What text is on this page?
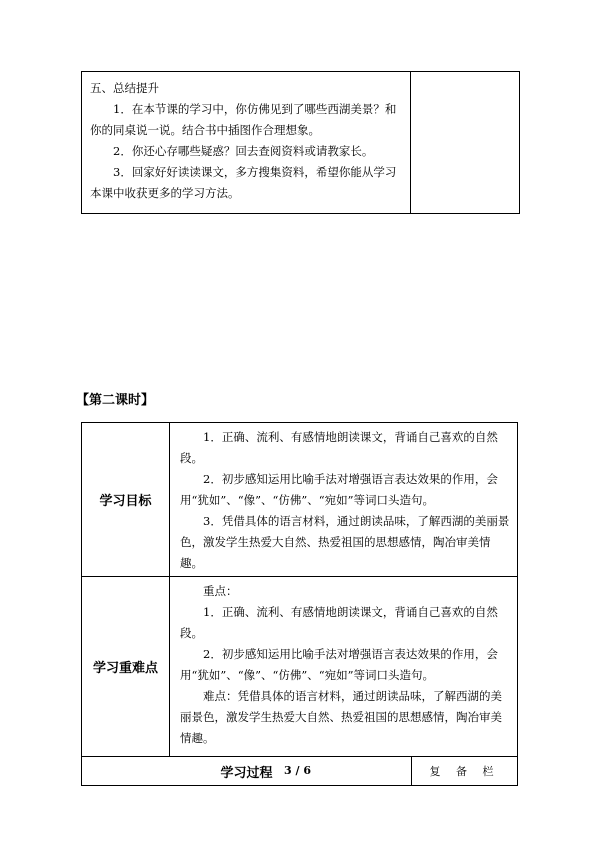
五、总结提升

1．在本节课的学习中，你仿佛见到了哪些西湖美景？和你的同桌说一说。结合书中插图作合理想象。

2．你还心存哪些疑惑？回去查阅资料或请教家长。

3．回家好好读读课文，多方搜集资料，希望你能从学习本课中收获更多的学习方法。

【第二课时】
学习目标	1．正确、流利、有感情地朗读课文，背诵自己喜欢的自然段。

2．初步感知运用比喻手法对增强语言表达效果的作用，会用“犹如”、“像”、“仿佛”、“宛如”等词口头造句。

3．凭借具体的语言材料，通过朗读品味，了解西湖的美丽景色，激发学生热爱大自然、热爱祖国的思想感情，陶冶审美情趣。	

学习重难点	重点：

1．正确、流利、有感情地朗读课文，背诵自己喜欢的自然段。

2．初步感知运用比喻手法对增强语言表达效果的作用，会用“犹如”、“像”、“仿佛”、“宛如”等词口头造句。

难点：凭借具体的语言材料，通过朗读品味，了解西湖的美丽景色，激发学生热爱大自然、热爱祖国的思想感情，陶冶审美情趣。	

学习过程		复 备 栏
3 / 6
